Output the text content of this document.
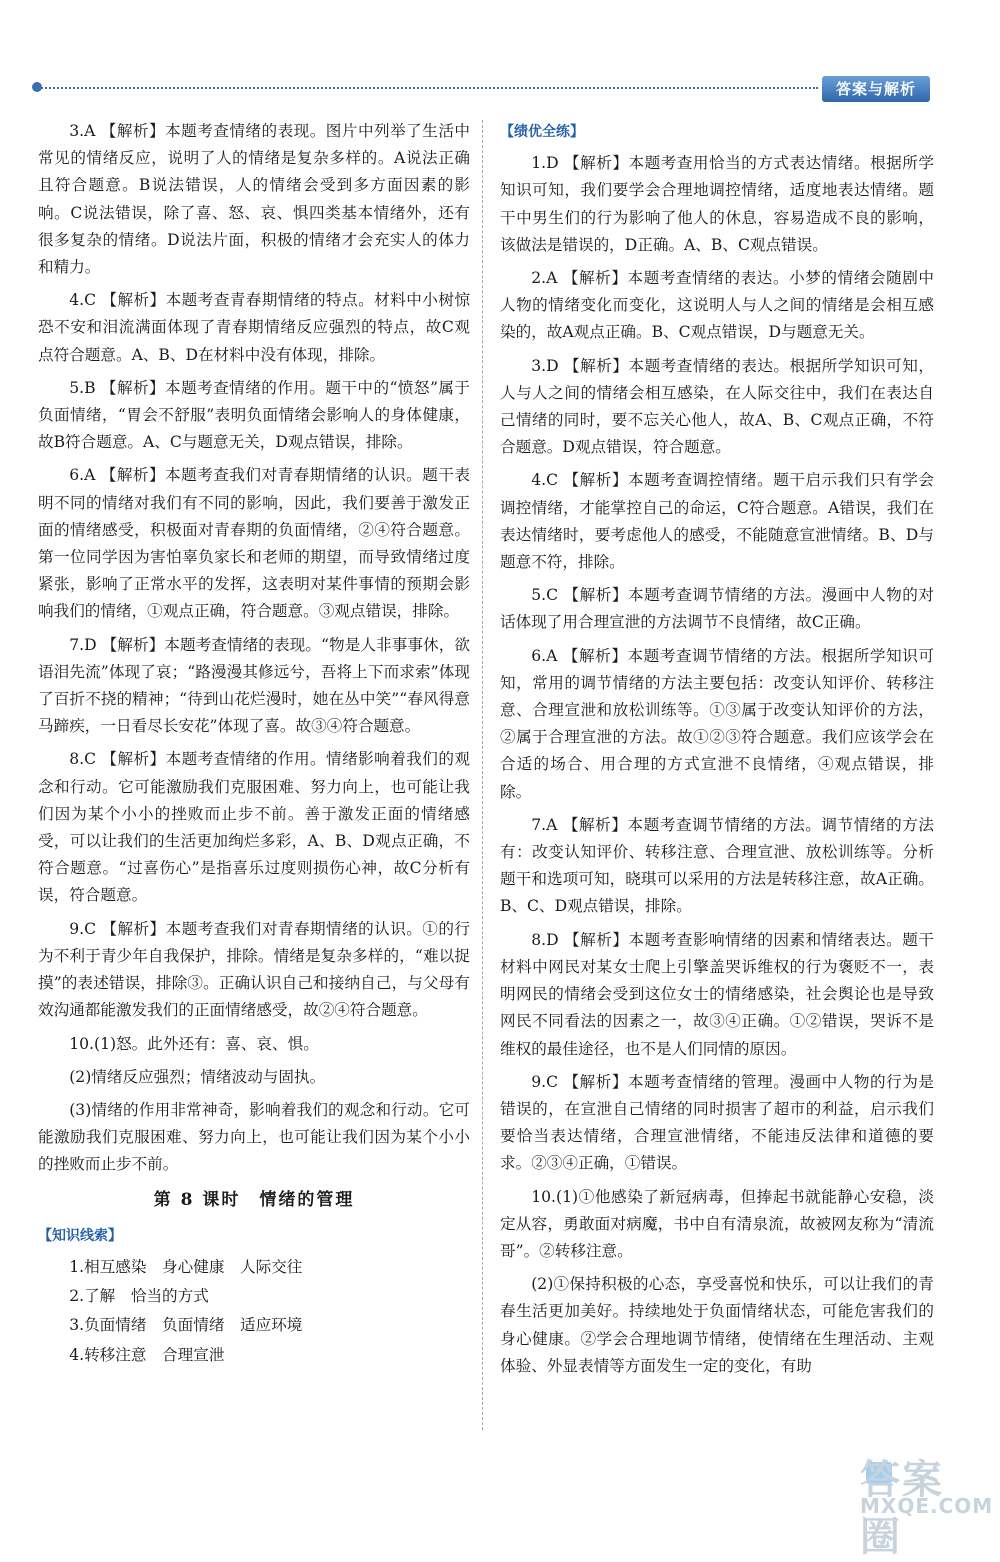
答案与解析

3.A 【解析】本题考查情绪的表现。图片中列举了生活中常见的情绪反应，说明了人的情绪是复杂多样的。A说法正确且符合题意。B说法错误，人的情绪会受到多方面因素的影响。C说法错误，除了喜、怒、哀、惧四类基本情绪外，还有很多复杂的情绪。D说法片面，积极的情绪才会充实人的体力和精力。

4.C 【解析】本题考查青春期情绪的特点。材料中小树惊恐不安和泪流满面体现了青春期情绪反应强烈的特点，故C观点符合题意。A、B、D在材料中没有体现，排除。

5.B 【解析】本题考查情绪的作用。题干中的“愤怒”属于负面情绪，“胃会不舒服”表明负面情绪会影响人的身体健康，故B符合题意。A、C与题意无关，D观点错误，排除。

6.A 【解析】本题考查我们对青春期情绪的认识。题干表明不同的情绪对我们有不同的影响，因此，我们要善于激发正面的情绪感受，积极面对青春期的负面情绪，②④符合题意。第一位同学因为害怕辜负家长和老师的期望，而导致情绪过度紧张，影响了正常水平的发挥，这表明对某件事情的预期会影响我们的情绪，①观点正确，符合题意。③观点错误，排除。

7.D 【解析】本题考查情绪的表现。“物是人非事事休，欲语泪先流”体现了哀；“路漫漫其修远兮，吾将上下而求索”体现了百折不挠的精神；“待到山花烂漫时，她在丛中笑”“春风得意马蹄疾，一日看尽长安花”体现了喜。故③④符合题意。

8.C 【解析】本题考查情绪的作用。情绪影响着我们的观念和行动。它可能激励我们克服困难、努力向上，也可能让我们因为某个小小的挫败而止步不前。善于激发正面的情绪感受，可以让我们的生活更加绚烂多彩，A、B、D观点正确，不符合题意。“过喜伤心”是指喜乐过度则损伤心神，故C分析有误，符合题意。

9.C 【解析】本题考查我们对青春期情绪的认识。①的行为不利于青少年自我保护，排除。情绪是复杂多样的，“难以捉摸”的表述错误，排除③。正确认识自己和接纳自己，与父母有效沟通都能激发我们的正面情绪感受，故②④符合题意。

10.(1)怒。此外还有：喜、哀、惧。

(2)情绪反应强烈；情绪波动与固执。

(3)情绪的作用非常神奇，影响着我们的观念和行动。它可能激励我们克服困难、努力向上，也可能让我们因为某个小小的挫败而止步不前。

第 8 课时　情绪的管理
【知识线索】

1.相互感染　身心健康　人际交往

2.了解　恰当的方式

3.负面情绪　负面情绪　适应环境

4.转移注意　合理宣泄

【绩优全练】

1.D 【解析】本题考查用恰当的方式表达情绪。根据所学知识可知，我们要学会合理地调控情绪，适度地表达情绪。题干中男生们的行为影响了他人的休息，容易造成不良的影响，该做法是错误的，D正确。A、B、C观点错误。

2.A 【解析】本题考查情绪的表达。小梦的情绪会随剧中人物的情绪变化而变化，这说明人与人之间的情绪是会相互感染的，故A观点正确。B、C观点错误，D与题意无关。

3.D 【解析】本题考查情绪的表达。根据所学知识可知，人与人之间的情绪会相互感染，在人际交往中，我们在表达自己情绪的同时，要不忘关心他人，故A、B、C观点正确，不符合题意。D观点错误，符合题意。

4.C 【解析】本题考查调控情绪。题干启示我们只有学会调控情绪，才能掌控自己的命运，C符合题意。A错误，我们在表达情绪时，要考虑他人的感受，不能随意宣泄情绪。B、D与题意不符，排除。

5.C 【解析】本题考查调节情绪的方法。漫画中人物的对话体现了用合理宣泄的方法调节不良情绪，故C正确。

6.A 【解析】本题考查调节情绪的方法。根据所学知识可知，常用的调节情绪的方法主要包括：改变认知评价、转移注意、合理宣泄和放松训练等。①③属于改变认知评价的方法，②属于合理宣泄的方法。故①②③符合题意。我们应该学会在合适的场合、用合理的方式宣泄不良情绪，④观点错误，排除。

7.A 【解析】本题考查调节情绪的方法。调节情绪的方法有：改变认知评价、转移注意、合理宣泄、放松训练等。分析题干和选项可知，晓琪可以采用的方法是转移注意，故A正确。B、C、D观点错误，排除。

8.D 【解析】本题考查影响情绪的因素和情绪表达。题干材料中网民对某女士爬上引擎盖哭诉维权的行为褒贬不一，表明网民的情绪会受到这位女士的情绪感染，社会舆论也是导致网民不同看法的因素之一，故③④正确。①②错误，哭诉不是维权的最佳途径，也不是人们同情的原因。

9.C 【解析】本题考查情绪的管理。漫画中人物的行为是错误的，在宣泄自己情绪的同时损害了超市的利益，启示我们要恰当表达情绪，合理宣泄情绪，不能违反法律和道德的要求。②③④正确，①错误。

10.(1)①他感染了新冠病毒，但捧起书就能静心安稳，淡定从容，勇敢面对病魔，书中自有清泉流，故被网友称为“清流哥”。②转移注意。

(2)①保持积极的心态，享受喜悦和快乐，可以让我们的青春生活更加美好。持续地处于负面情绪状态，可能危害我们的身心健康。②学会合理地调节情绪，使情绪在生理活动、主观体验、外显表情等方面发生一定的变化，有助

答案圈
MXQE.COM
